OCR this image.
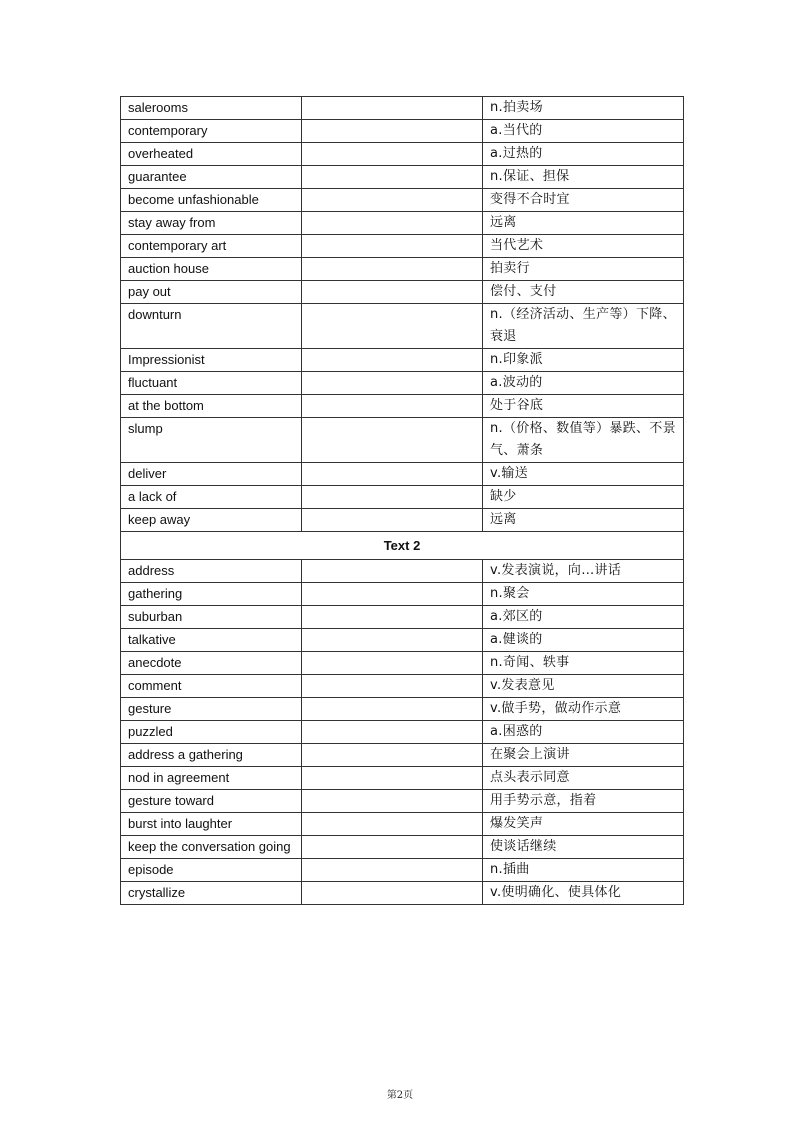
salerooms		n.拍卖场
contemporary		a.当代的
overheated		a.过热的
guarantee		n.保证、担保
become unfashionable		变得不合时宜
stay away from		远离
contemporary art		当代艺术
auction house		拍卖行
pay out		偿付、支付
downturn		n.（经济活动、生产等）下降、衰退
Impressionist		n.印象派
fluctuant		a.波动的
at the bottom		处于谷底
slump		n.（价格、数值等）暴跌、不景气、萧条
deliver		v.输送
a lack of		缺少
keep away		远离
Text 2		
address		v.发表演说，向…讲话
gathering		n.聚会
suburban		a.郊区的
talkative		a.健谈的
anecdote		n.奇闻、轶事
comment		v.发表意见
gesture		v.做手势，做动作示意
puzzled		a.困惑的
address a gathering		在聚会上演讲
nod in agreement		点头表示同意
gesture toward		用手势示意，指着
burst into laughter		爆发笑声
keep the conversation going		使谈话继续
episode		n.插曲
crystallize		v.使明确化、使具体化
第2页
